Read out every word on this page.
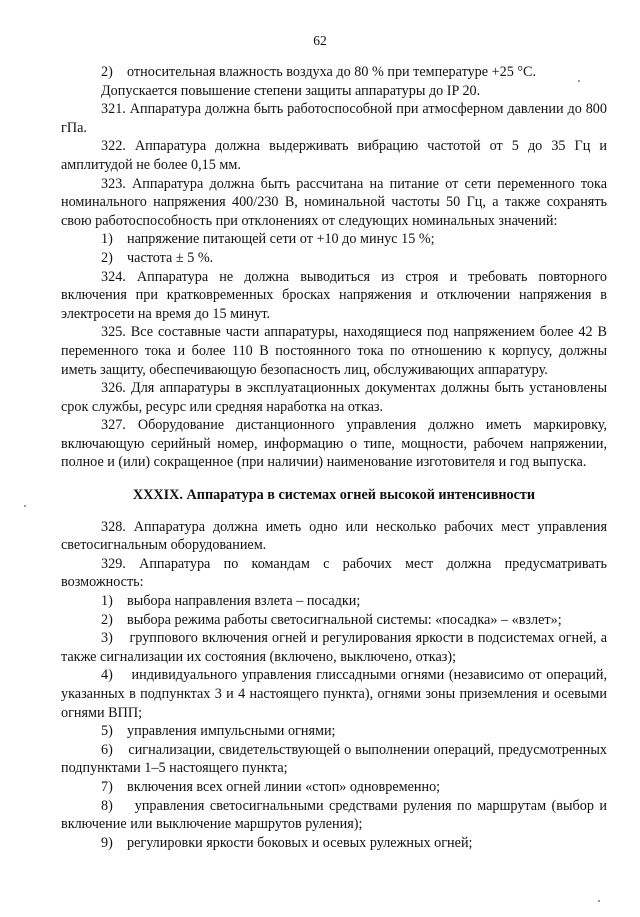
62

2)    относительная влажность воздуха до 80 % при температуре +25 °C.

Допускается повышение степени защиты аппаратуры до IP 20.

321. Аппаратура должна быть работоспособной при атмосферном давлении до 800 гПа.

322. Аппаратура должна выдерживать вибрацию частотой от 5 до 35 Гц и амплитудой не более 0,15 мм.

323. Аппаратура должна быть рассчитана на питание от сети переменного тока номинального напряжения 400/230 В, номинальной частоты 50 Гц, а также сохранять свою работоспособность при отклонениях от следующих номинальных значений:

1)    напряжение питающей сети от +10 до минус 15 %;

2)    частота ± 5 %.

324. Аппаратура не должна выводиться из строя и требовать повторного включения при кратковременных бросках напряжения и отключении напряжения в электросети на время до 15 минут.

325. Все составные части аппаратуры, находящиеся под напряжением более 42 В переменного тока и более 110 В постоянного тока по отношению к корпусу, должны иметь защиту, обеспечивающую безопасность лиц, обслуживающих аппаратуру.

326. Для аппаратуры в эксплуатационных документах должны быть установлены срок службы, ресурс или средняя наработка на отказ.

327. Оборудование дистанционного управления должно иметь маркировку, включающую серийный номер, информацию о типе, мощности, рабочем напряжении, полное и (или) сокращенное (при наличии) наименование изготовителя и год выпуска.

XXXIX. Аппаратура в системах огней высокой интенсивности

328. Аппаратура должна иметь одно или несколько рабочих мест управления светосигнальным оборудованием.

329. Аппаратура по командам с рабочих мест должна предусматривать возможность:

1)    выбора направления взлета – посадки;

2)    выбора режима работы светосигнальной системы: «посадка» – «взлет»;

3)    группового включения огней и регулирования яркости в подсистемах огней, а также сигнализации их состояния (включено, выключено, отказ);

4)    индивидуального управления глиссадными огнями (независимо от операций, указанных в подпунктах 3 и 4 настоящего пункта), огнями зоны приземления и осевыми огнями ВПП;

5)    управления импульсными огнями;

6)    сигнализации, свидетельствующей о выполнении операций, предусмотренных подпунктами 1–5 настоящего пункта;

7)    включения всех огней линии «стоп» одновременно;

8)    управления светосигнальными средствами руления по маршрутам (выбор и включение или выключение маршрутов руления);

9)    регулировки яркости боковых и осевых рулежных огней;
